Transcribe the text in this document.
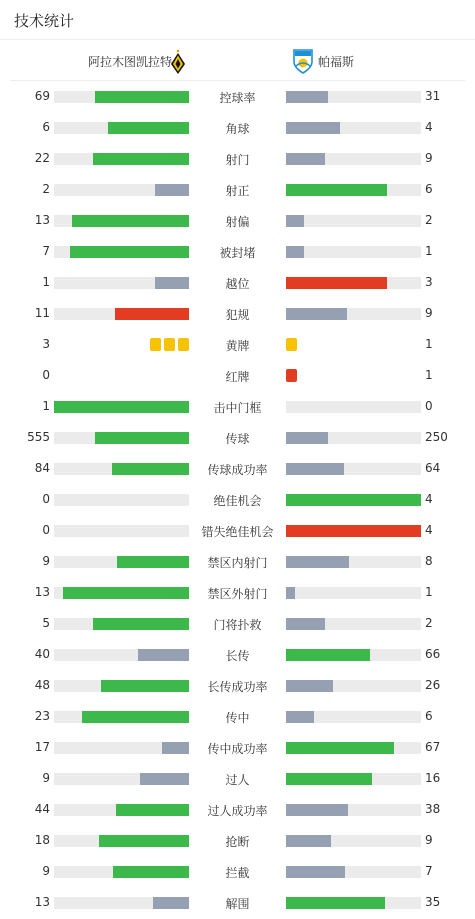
技术统计
阿拉木图凯拉特	帕福斯
69	控球率	31
6	角球	4
22	射门	9
2	射正	6
13	射偏	2
7	被封堵	1
1	越位	3
11	犯规	9
3	黄牌	1
0	红牌	1
1	击中门框	0
555	传球	250
84	传球成功率	64
0	绝佳机会	4
0	错失绝佳机会	4
9	禁区内射门	8
13	禁区外射门	1
5	门将扑救	2
40	长传	66
48	长传成功率	26
23	传中	6
17	传中成功率	67
9	过人	16
44	过人成功率	38
18	抢断	9
9	拦截	7
13	解围	35
